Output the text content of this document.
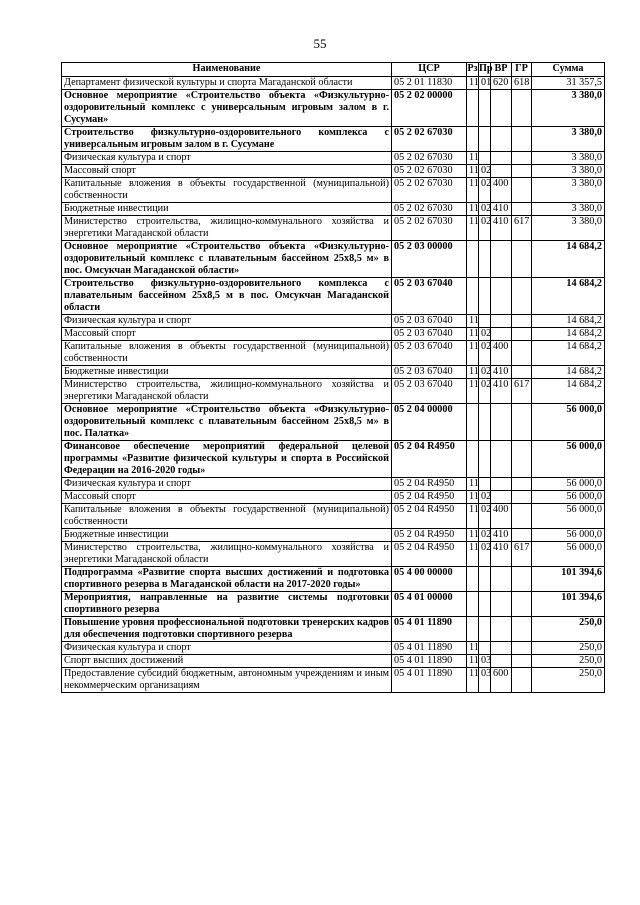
55
Наименование	ЦСР	Рз	Пр	ВР	ГР	Сумма
Департамент физической культуры и спорта Магаданской области	05 2 01 11830	11	01	620	618	31 357,5
Основное мероприятие «Строительство объекта «Физкультурно-оздоровительный комплекс с универсальным игровым залом в г. Сусуман»	05 2 02 00000					3 380,0
Строительство физкультурно-оздоровительного комплекса с универсальным игровым залом в г. Сусумане	05 2 02 67030					3 380,0
Физическая культура и спорт	05 2 02 67030	11				3 380,0
Массовый спорт	05 2 02 67030	11	02			3 380,0
Капитальные вложения в объекты государственной (муниципальной) собственности	05 2 02 67030	11	02	400		3 380,0
Бюджетные инвестиции	05 2 02 67030	11	02	410		3 380,0
Министерство строительства, жилищно-коммунального хозяйства и энергетики Магаданской области	05 2 02 67030	11	02	410	617	3 380,0
Основное мероприятие «Строительство объекта «Физкультурно-оздоровительный комплекс с плавательным бассейном 25х8,5 м» в пос. Омсукчан Магаданской области»	05 2 03 00000					14 684,2
Строительство физкультурно-оздоровительного комплекса с плавательным бассейном 25х8,5 м в пос. Омсукчан Магаданской области	05 2 03 67040					14 684,2
Физическая культура и спорт	05 2 03 67040	11				14 684,2
Массовый спорт	05 2 03 67040	11	02			14 684,2
Капитальные вложения в объекты государственной (муниципальной) собственности	05 2 03 67040	11	02	400		14 684,2
Бюджетные инвестиции	05 2 03 67040	11	02	410		14 684,2
Министерство строительства, жилищно-коммунального хозяйства и энергетики Магаданской области	05 2 03 67040	11	02	410	617	14 684,2
Основное мероприятие «Строительство объекта «Физкультурно-оздоровительный комплекс с плавательным бассейном 25х8,5 м» в пос. Палатка»	05 2 04 00000					56 000,0
Финансовое обеспечение мероприятий федеральной целевой программы «Развитие физической культуры и спорта в Российской Федерации на 2016-2020 годы»	05 2 04 R4950					56 000,0
Физическая культура и спорт	05 2 04 R4950	11				56 000,0
Массовый спорт	05 2 04 R4950	11	02			56 000,0
Капитальные вложения в объекты государственной (муниципальной) собственности	05 2 04 R4950	11	02	400		56 000,0
Бюджетные инвестиции	05 2 04 R4950	11	02	410		56 000,0
Министерство строительства, жилищно-коммунального хозяйства и энергетики Магаданской области	05 2 04 R4950	11	02	410	617	56 000,0
Подпрограмма «Развитие спорта высших достижений и подготовка спортивного резерва в Магаданской области на 2017-2020 годы»	05 4 00 00000					101 394,6
Мероприятия, направленные на развитие системы подготовки спортивного резерва	05 4 01 00000					101 394,6
Повышение уровня профессиональной подготовки тренерских кадров для обеспечения подготовки спортивного резерва	05 4 01 11890					250,0
Физическая культура и спорт	05 4 01 11890	11				250,0
Спорт высших достижений	05 4 01 11890	11	03			250,0
Предоставление субсидий бюджетным, автономным учреждениям и иным некоммерческим организациям	05 4 01 11890	11	03	600		250,0
